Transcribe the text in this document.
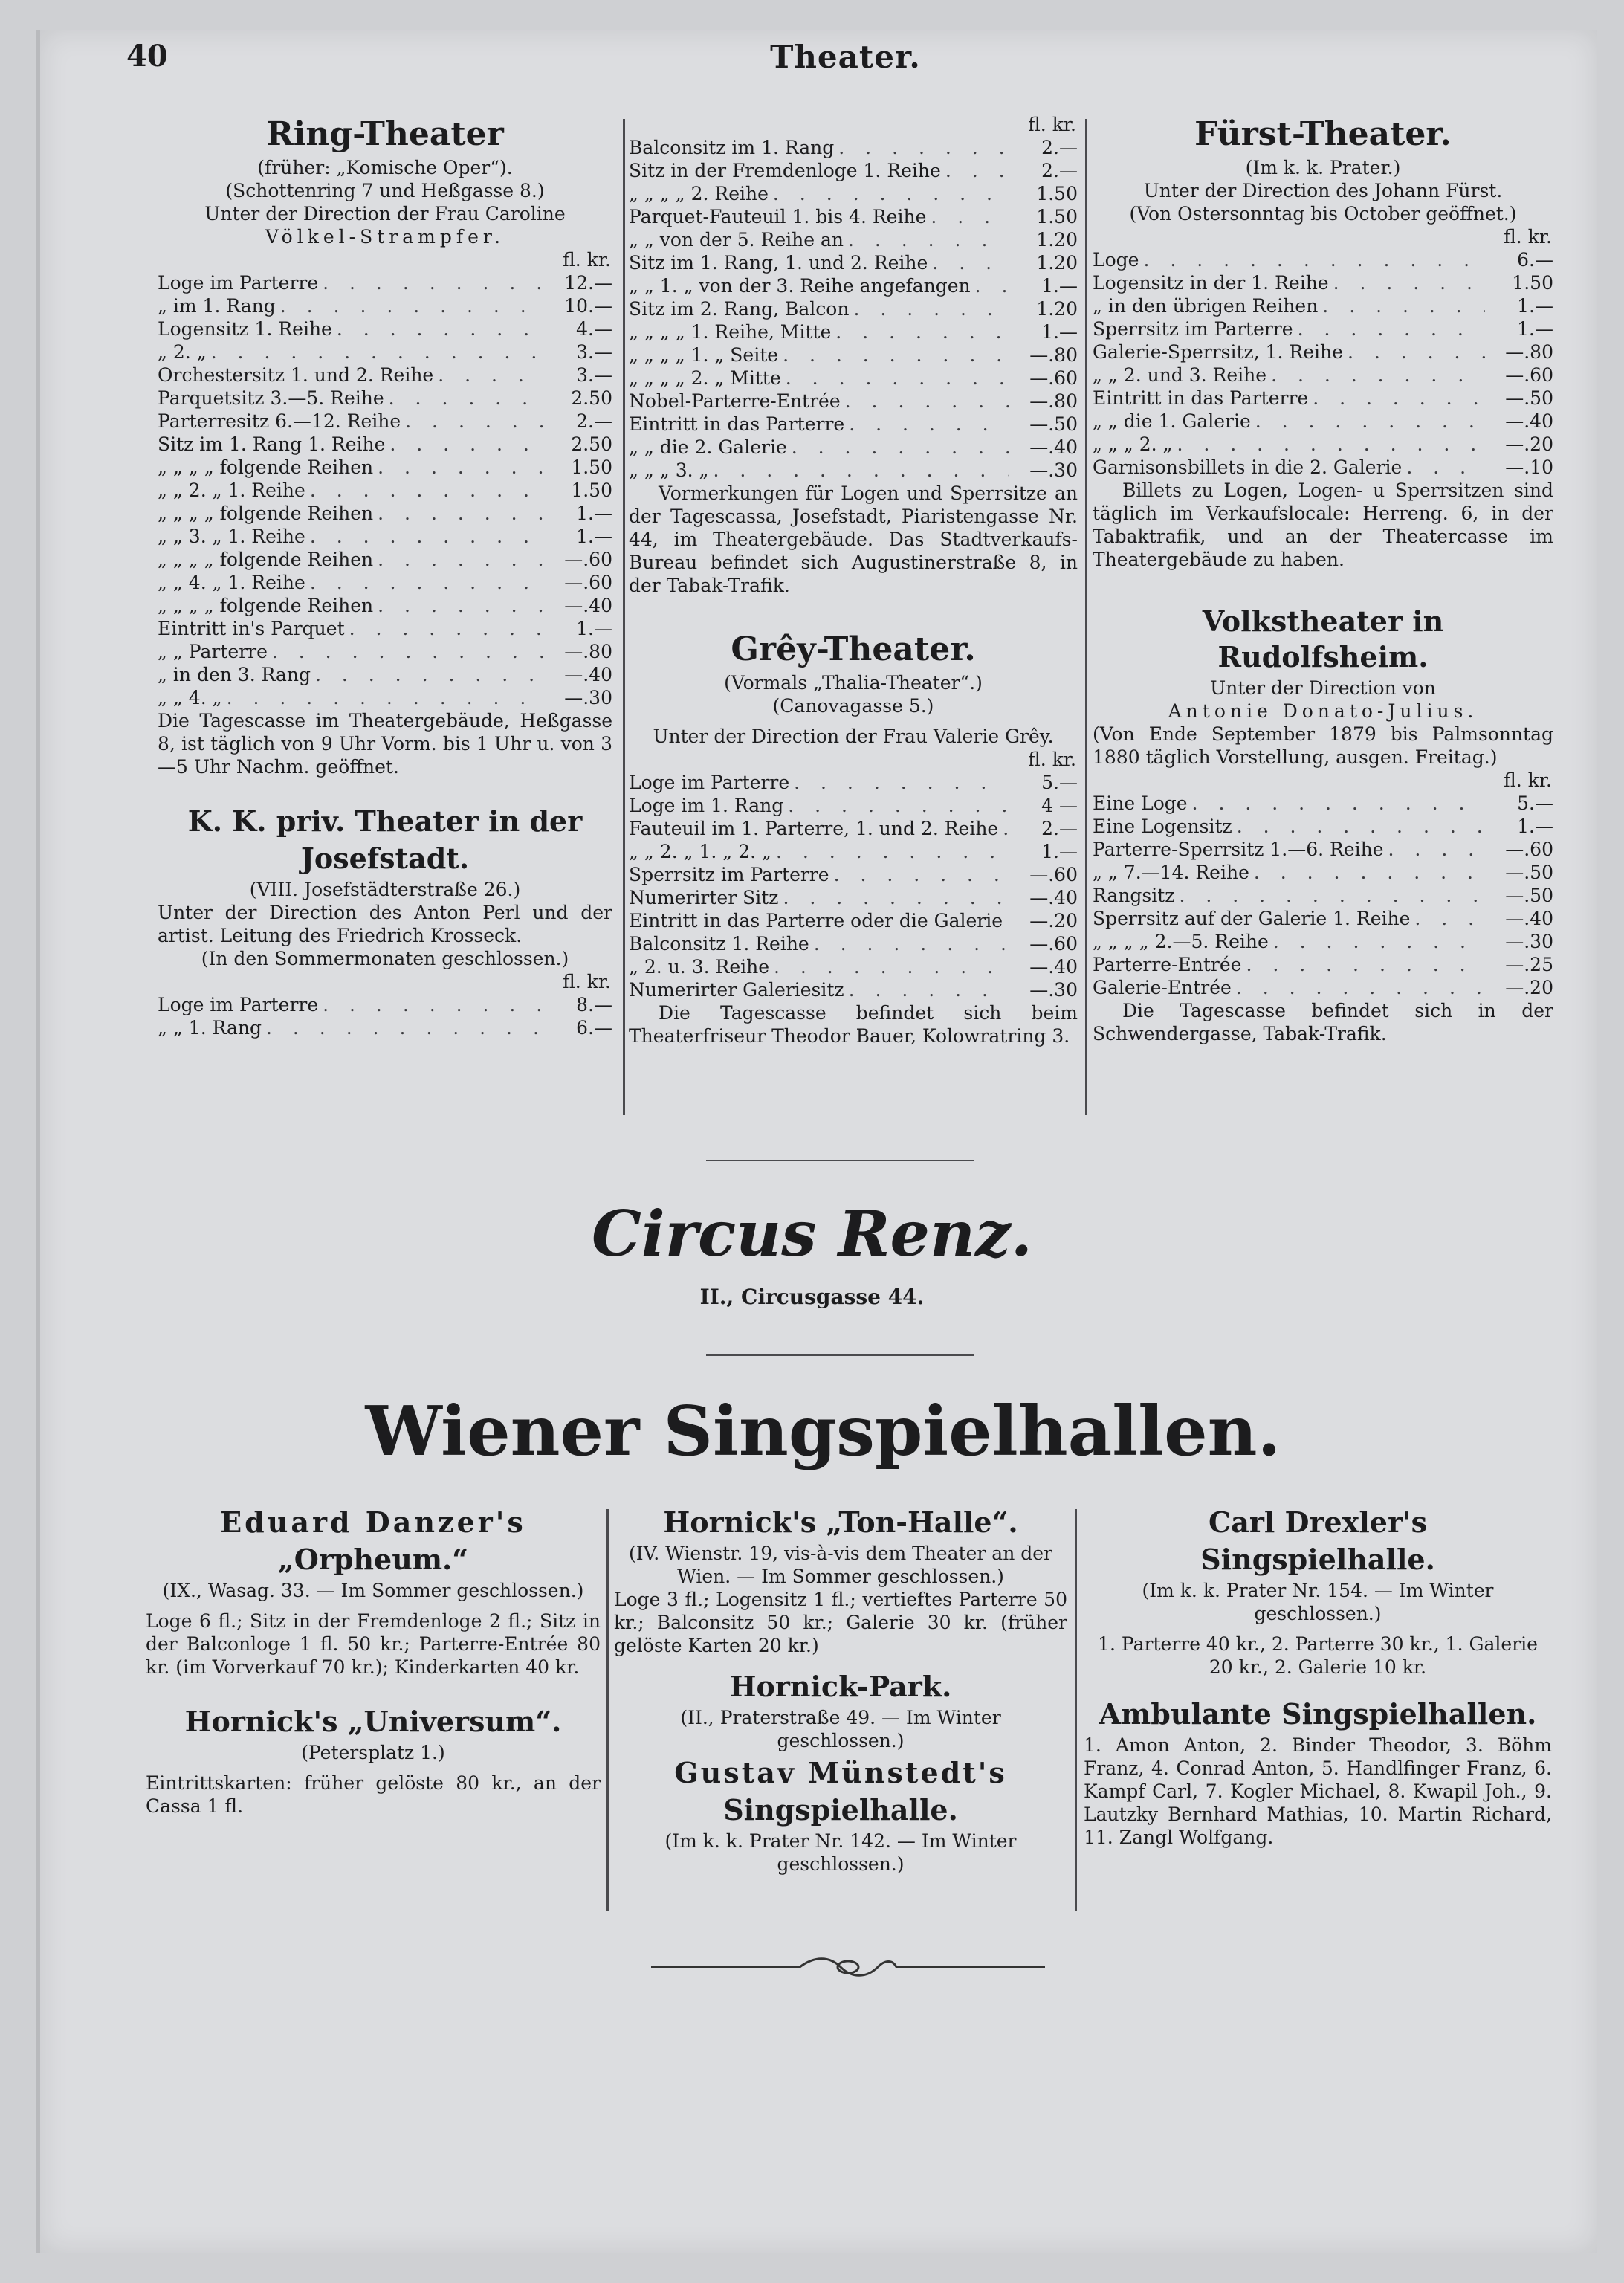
40	Theater.
Ring-Theater
(früher: „Komische Oper“).
(Schottenring 7 und Heßgasse 8.)
Unter der Direction der Frau Caroline
Völkel-Strampfer.
fl. kr.
Loge im Parterre . . .	12.—
„ im 1. Rang . . .	10.—
Logensitz 1. Reihe . . .	4.—
„ 2. „ . . .	3.—
Orchestersitz 1. und 2. Reihe . . .	3.—
Parquetsitz 3.—5. Reihe . . .	2.50
Parterresitz 6.—12. Reihe . . .	2.—
Sitz im 1. Rang 1. Reihe . . .	2.50
„ „ „ „ folgende Reihen . . .	1.50
„ „ 2. „ 1. Reihe . . .	1.50
„ „ „ „ folgende Reihen . . .	1.—
„ „ 3. „ 1. Reihe . . .	1.—
„ „ „ „ folgende Reihen . . .	—.60
„ „ 4. „ 1. Reihe . . .	—.60
„ „ „ „ folgende Reihen . . .	—.40
Eintritt in's Parquet . . .	1.—
„ „ Parterre . . .	—.80
„ in den 3. Rang . . .	—.40
„ „ 4. „ . . .	—.30
Die Tagescasse im Theatergebäude, Heßgasse 8, ist täglich von 9 Uhr Vorm. bis 1 Uhr u. von 3—5 Uhr Nachm. geöffnet.
K. K. priv. Theater in der
Josefstadt.
(VIII. Josefstädterstraße 26.)
Unter der Direction des Anton Perl und der artist. Leitung des Friedrich Krosseck.
(In den Sommermonaten geschlossen.)
fl. kr.
Loge im Parterre . . .	8.—
„ „ 1. Rang . . .	6.—
fl. kr.
Balconsitz im 1. Rang . . .	2.—
Sitz in der Fremdenloge 1. Reihe . . .	2.—
„ „ „ „ 2. Reihe . . .	1.50
Parquet-Fauteuil 1. bis 4. Reihe . . .	1.50
„ „ von der 5. Reihe an . . .	1.20
Sitz im 1. Rang, 1. und 2. Reihe . . .	1.20
„ „ 1. „ von der 3. Reihe angefangen . . .	1.—
Sitz im 2. Rang, Balcon . . .	1.20
„ „ „ „ 1. Reihe, Mitte . . .	1.—
„ „ „ „ 1. „ Seite . . .	—.80
„ „ „ „ 2. „ Mitte . . .	—.60
Nobel-Parterre-Entrée . . .	—.80
Eintritt in das Parterre . . .	—.50
„ „ die 2. Galerie . . .	—.40
„ „ „ 3. „ . . .	—.30
Vormerkungen für Logen und Sperrsitze an der Tagescassa, Josefstadt, Piaristengasse Nr. 44, im Theatergebäude. Das Stadtverkaufs-Bureau befindet sich Augustinerstraße 8, in der Tabak-Trafik.
Grêy-Theater.
(Vormals „Thalia-Theater“.)
(Canovagasse 5.)
Unter der Direction der Frau Valerie Grêy.
fl. kr.
Loge im Parterre . . .	5.—
Loge im 1. Rang . . .	4 —
Fauteuil im 1. Parterre, 1. und 2. Reihe . . .	2.—
„ „ 2. „ 1. „ 2. „ . . .	1.—
Sperrsitz im Parterre . . .	—.60
Numerirter Sitz . . .	—.40
Eintritt in das Parterre oder die Galerie . . .	—.20
Balconsitz 1. Reihe . . .	—.60
„ 2. u. 3. Reihe . . .	—.40
Numerirter Galeriesitz . . .	—.30
Die Tagescasse befindet sich beim Theaterfriseur Theodor Bauer, Kolowratring 3.
Fürst-Theater.
(Im k. k. Prater.)
Unter der Direction des Johann Fürst.
(Von Ostersonntag bis October geöffnet.)
fl. kr.
Loge . . .	6.—
Logensitz in der 1. Reihe . . .	1.50
„ in den übrigen Reihen . . .	1.—
Sperrsitz im Parterre . . .	1.—
Galerie-Sperrsitz, 1. Reihe . . .	—.80
„ „ 2. und 3. Reihe . . .	—.60
Eintritt in das Parterre . . .	—.50
„ „ die 1. Galerie . . .	—.40
„ „ „ 2. „ . . .	—.20
Garnisonsbillets in die 2. Galerie . . .	—.10
Billets zu Logen, Logen- u Sperrsitzen sind täglich im Verkaufslocale: Herreng. 6, in der Tabaktrafik, und an der Theatercasse im Theatergebäude zu haben.
Volkstheater in Rudolfsheim.
Unter der Direction von
Antonie Donato-Julius.
(Von Ende September 1879 bis Palmsonntag 1880 täglich Vorstellung, ausgen. Freitag.)
fl. kr.
Eine Loge . . .	5.—
Eine Logensitz . . .	1.—
Parterre-Sperrsitz 1.—6. Reihe . . .	—.60
„ „ 7.—14. Reihe . . .	—.50
Rangsitz . . .	—.50
Sperrsitz auf der Galerie 1. Reihe . . .	—.40
„ „ „ „ 2.—5. Reihe . . .	—.30
Parterre-Entrée . . .	—.25
Galerie-Entrée . . .	—.20
Die Tagescasse befindet sich in der Schwendergasse, Tabak-Trafik.
Circus Renz.
II., Circusgasse 44.
Wiener Singspielhallen.
Eduard Danzer's
„Orpheum.“
(IX., Wasag. 33. — Im Sommer geschlossen.)
Loge 6 fl.; Sitz in der Fremdenloge 2 fl.; Sitz in der Balconloge 1 fl. 50 kr.; Parterre-Entrée 80 kr. (im Vorverkauf 70 kr.); Kinderkarten 40 kr.
Hornick's „Universum“.
(Petersplatz 1.)
Eintrittskarten: früher gelöste 80 kr., an der Cassa 1 fl.
Hornick's „Ton-Halle“.
(IV. Wienstr. 19, vis-à-vis dem Theater an der Wien. — Im Sommer geschlossen.)
Loge 3 fl.; Logensitz 1 fl.; vertieftes Parterre 50 kr.; Balconsitz 50 kr.; Galerie 30 kr. (früher gelöste Karten 20 kr.)
Hornick-Park.
(II., Praterstraße 49. — Im Winter geschlossen.)
Gustav Münstedt's
Singspielhalle.
(Im k. k. Prater Nr. 142. — Im Winter geschlossen.)
Carl Drexler's
Singspielhalle.
(Im k. k. Prater Nr. 154. — Im Winter geschlossen.)
1. Parterre 40 kr., 2. Parterre 30 kr., 1. Galerie 20 kr., 2. Galerie 10 kr.
Ambulante Singspielhallen.
1. Amon Anton, 2. Binder Theodor, 3. Böhm Franz, 4. Conrad Anton, 5. Handlfinger Franz, 6. Kampf Carl, 7. Kogler Michael, 8. Kwapil Joh., 9. Lautzky Bernhard Mathias, 10. Martin Richard, 11. Zangl Wolfgang.
